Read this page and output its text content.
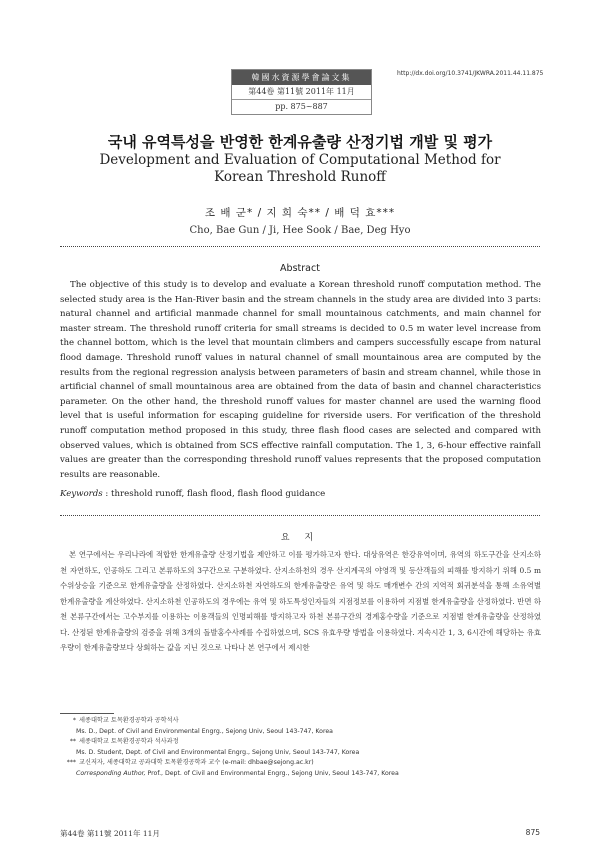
韓國水資源學會論文集
第44卷 第11號 2011年 11月
pp. 875~887
http://dx.doi.org/10.3741/JKWRA.2011.44.11.875
국내 유역특성을 반영한 한계유출량 산정기법 개발 및 평가
Development and Evaluation of Computational Method for
Korean Threshold Runoff
조 배 군* / 지 희 숙** / 배 덕 효***
Cho, Bae Gun / Ji, Hee Sook / Bae, Deg Hyo
Abstract

The objective of this study is to develop and evaluate a Korean threshold runoff computation method. The selected study area is the Han-River basin and the stream channels in the study area are divided into 3 parts: natural channel and artificial manmade channel for small mountainous catchments, and main channel for master stream. The threshold runoff criteria for small streams is decided to 0.5 m water level increase from the channel bottom, which is the level that mountain climbers and campers successfully escape from natural flood damage. Threshold runoff values in natural channel of small mountainous area are computed by the results from the regional regression analysis between parameters of basin and stream channel, while those in artificial channel of small mountainous area are obtained from the data of basin and channel characteristics parameter. On the other hand, the threshold runoff values for master channel are used the warning flood level that is useful information for escaping guideline for riverside users. For verification of the threshold runoff computation method proposed in this study, three flash flood cases are selected and compared with observed values, which is obtained from SCS effective rainfall computation. The 1, 3, 6-hour effective rainfall values are greater than the corresponding threshold runoff values represents that the proposed computation results are reasonable.

Keywords : threshold runoff, flash flood, flash flood guidance
요 지

본 연구에서는 우리나라에 적합한 한계유출량 산정기법을 제안하고 이를 평가하고자 한다. 대상유역은 한강유역이며, 유역의 하도구간을 산지소하천 자연하도, 인공하도 그리고 본류하도의 3구간으로 구분하였다. 산지소하천의 경우 산지계곡의 야영객 및 등산객들의 피해를 방지하기 위해 0.5 m 수위상승을 기준으로 한계유출량을 산정하였다. 산지소하천 자연하도의 한계유출량은 유역 및 하도 매개변수 간의 지역적 회귀분석을 통해 소유역별 한계유출량을 계산하였다. 산지소하천 인공하도의 경우에는 유역 및 하도특성인자들의 지점정보를 이용하여 지점별 한계유출량을 산정하였다. 반면 하천 본류구간에서는 고수부지를 이용하는 이용객들의 인명피해를 방지하고자 하천 본류구간의 경계홍수량을 기준으로 지점별 한계유출량을 산정하였다. 산정된 한계유출량의 검증을 위해 3개의 돌발홍수사례를 수집하였으며, SCS 유효우량 방법을 이용하였다. 지속시간 1, 3, 6시간에 해당하는 유효우량이 한계유출량보다 상회하는 값을 지닌 것으로 나타나 본 연구에서 제시한

* 세종대학교 토목환경공학과 공학석사
Ms. D., Dept. of Civil and Environmental Engrg., Sejong Univ, Seoul 143-747, Korea
** 세종대학교 토목환경공학과 석사과정
Ms. D. Student, Dept. of Civil and Environmental Engrg., Sejong Univ, Seoul 143-747, Korea
*** 교신저자, 세종대학교 공과대학 토목환경공학과 교수 (e-mail: dhbae@sejong.ac.kr)
Corresponding Author, Prof., Dept. of Civil and Environmental Engrg., Sejong Univ, Seoul 143-747, Korea
第44卷 第11號 2011年 11月	875
